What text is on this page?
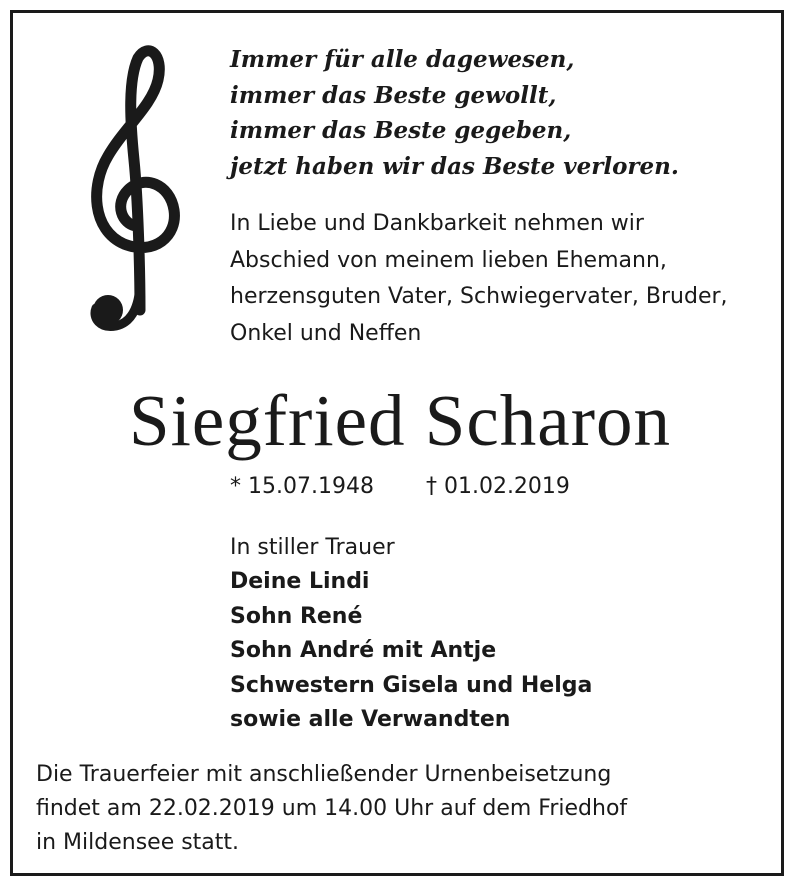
Immer für alle dagewesen,
immer das Beste gewollt,
immer das Beste gegeben,
jetzt haben wir das Beste verloren.
In Liebe und Dankbarkeit nehmen wir
Abschied von meinem lieben Ehemann,
herzensguten Vater, Schwiegervater, Bruder,
Onkel und Neffen
Siegfried Scharon
* 15.07.1948 † 01.02.2019
In stiller Trauer
Deine Lindi
Sohn René
Sohn André mit Antje
Schwestern Gisela und Helga
sowie alle Verwandten
Die Trauerfeier mit anschließender Urnenbeisetzung
findet am 22.02.2019 um 14.00 Uhr auf dem Friedhof
in Mildensee statt.
